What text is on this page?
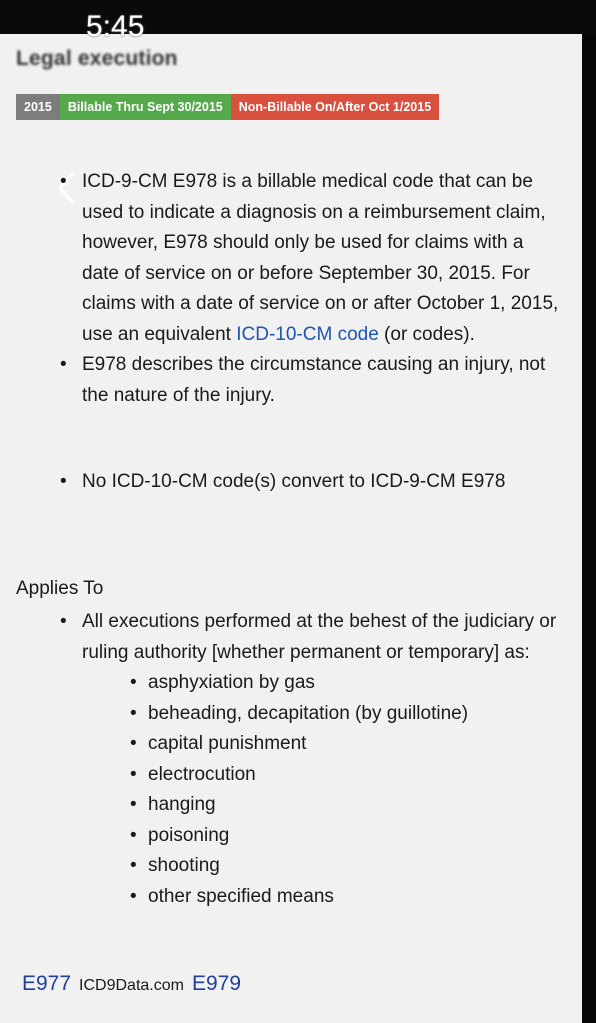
Legal execution
2015	Billable Thru Sept 30/2015	Non-Billable On/After Oct 1/2015
• ICD-9-CM E978 is a billable medical code that can be used to indicate a diagnosis on a reimbursement claim, however, E978 should only be used for claims with a date of service on or before September 30, 2015. For claims with a date of service on or after October 1, 2015, use an equivalent ICD-10-CM code (or codes).
• E978 describes the circumstance causing an injury, not the nature of the injury.
• No ICD-10-CM code(s) convert to ICD-9-CM E978
Applies To
• All executions performed at the behest of the judiciary or ruling authority [whether permanent or temporary] as:
• asphyxiation by gas
• beheading, decapitation (by guillotine)
• capital punishment
• electrocution
• hanging
• poisoning
• shooting
• other specified means
E977 ICD9Data.com E979
5:45
